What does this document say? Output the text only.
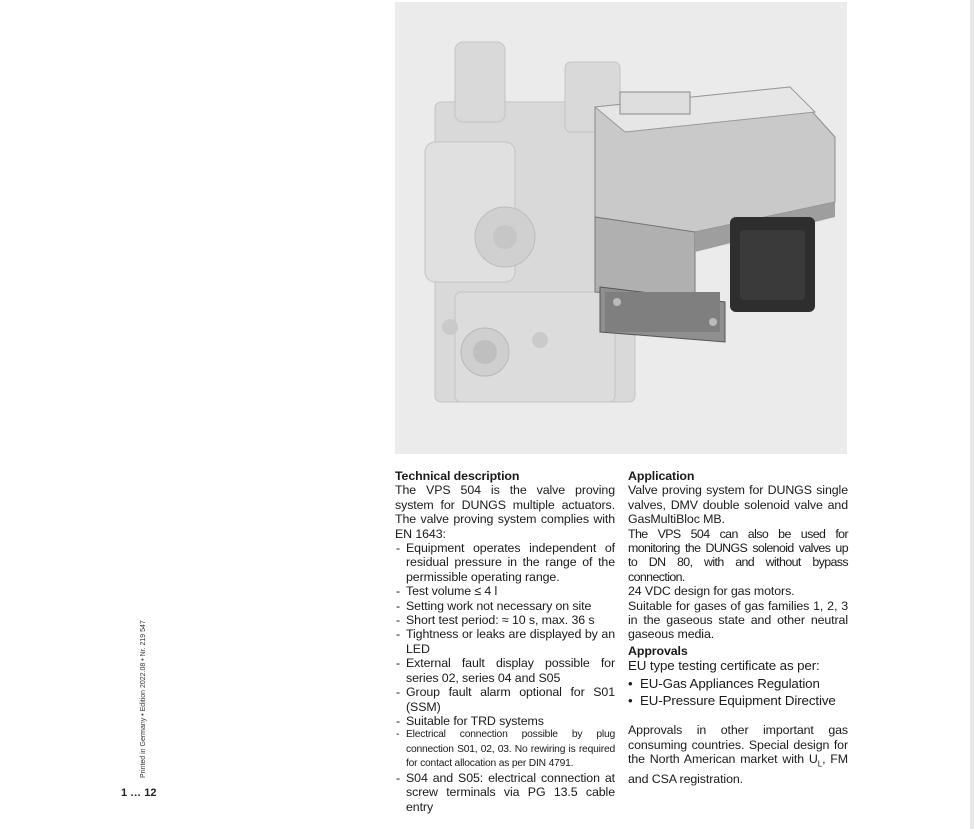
Printed in Germany • Edition 2022.08 • Nr. 219 547
1 … 12
Technical description

The VPS 504 is the valve proving system for DUNGS multiple actuators. The valve proving system complies with EN 1643:

- Equipment operates independent of residual pressure in the range of the permissible operating range.
- Test volume ≤ 4 l
- Setting work not necessary on site
- Short test period: ≈ 10 s, max. 36 s
- Tightness or leaks are displayed by an LED
- External fault display possible for series 02, series 04 and S05
- Group fault alarm optional for S01 (SSM)
- Suitable for TRD systems
- Electrical connection possible by plug connection S01, 02, 03. No rewiring is required for contact allocation as per DIN 4791.
- S04 and S05: electrical connection at screw terminals via PG 13.5 cable entry
Application

Valve proving system for DUNGS single valves, DMV double solenoid valve and GasMultiBloc MB.

The VPS 504 can also be used for monitoring the DUNGS solenoid valves up to DN 80, with and without bypass connection.

24 VDC design for gas motors.

Suitable for gases of gas families 1, 2, 3 in the gaseous state and other neutral gaseous media.

Approvals

EU type testing certificate as per:

• EU-Gas Appliances Regulation
• EU-Pressure Equipment Directive

Approvals in other important gas consuming countries. Special design for the North American market with $U_L$, FM and CSA registration.
